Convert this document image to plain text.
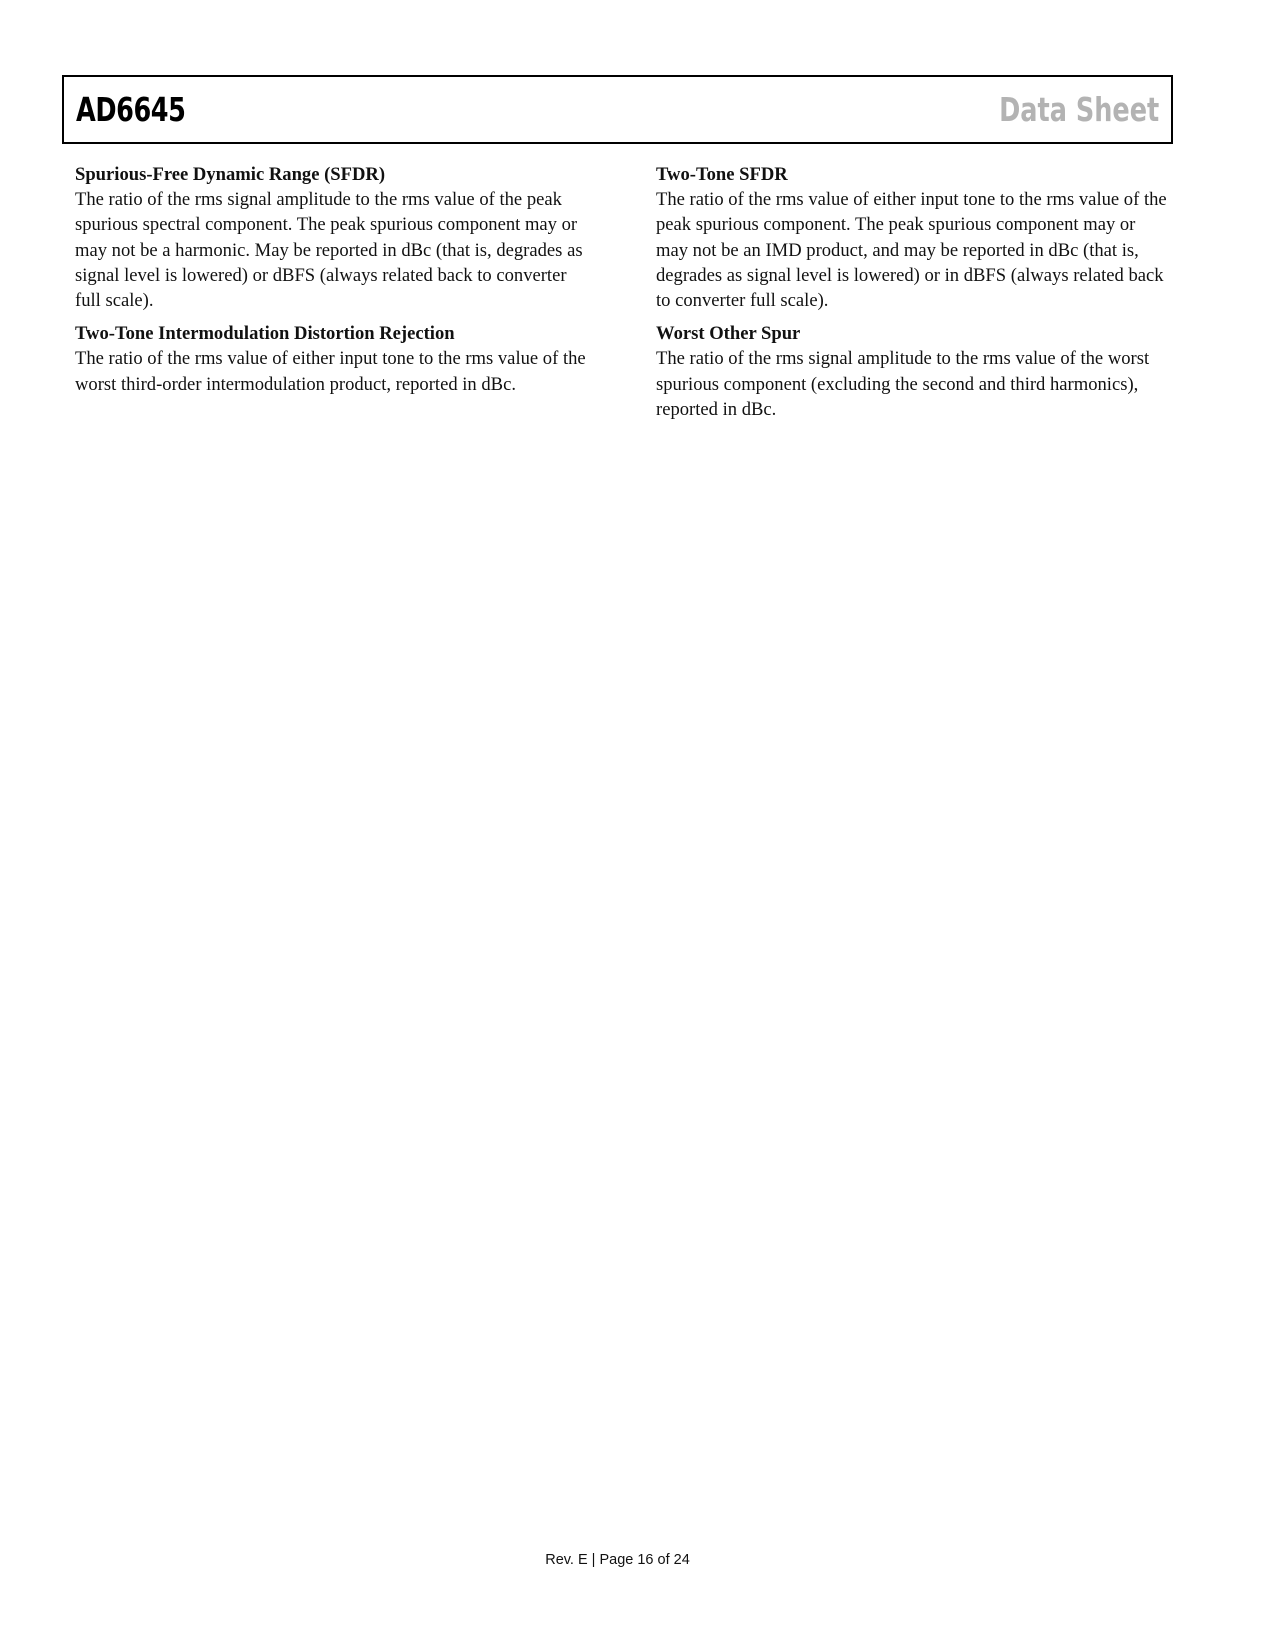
AD6645	Data Sheet

Spurious-Free Dynamic Range (SFDR)

The ratio of the rms signal amplitude to the rms value of the peak spurious spectral component. The peak spurious component may or may not be a harmonic. May be reported in dBc (that is, degrades as signal level is lowered) or dBFS (always related back to converter full scale).

Two-Tone Intermodulation Distortion Rejection

The ratio of the rms value of either input tone to the rms value of the worst third-order intermodulation product, reported in dBc.

Two-Tone SFDR

The ratio of the rms value of either input tone to the rms value of the peak spurious component. The peak spurious component may or may not be an IMD product, and may be reported in dBc (that is, degrades as signal level is lowered) or in dBFS (always related back to converter full scale).

Worst Other Spur

The ratio of the rms signal amplitude to the rms value of the worst spurious component (excluding the second and third harmonics), reported in dBc.

Rev. E | Page 16 of 24
